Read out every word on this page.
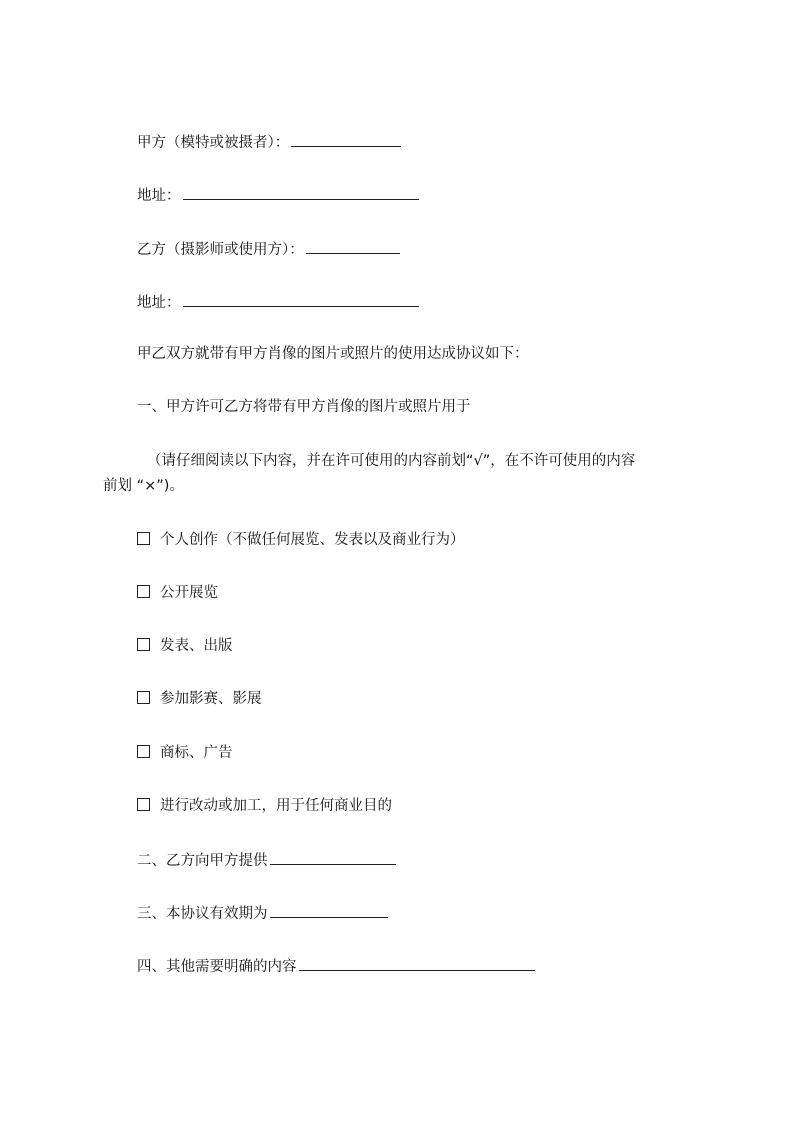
甲方（模特或被摄者）：
地址：
乙方（摄影师或使用方）：
地址：
甲乙双方就带有甲方肖像的图片或照片的使用达成协议如下：
一、甲方许可乙方将带有甲方肖像的图片或照片用于
（请仔细阅读以下内容，并在许可使用的内容前划“√”，在不许可使用的内容
前划 “×”)。
个人创作（不做任何展览、发表以及商业行为）
公开展览
发表、出版
参加影赛、影展
商标、广告
进行改动或加工，用于任何商业目的
二、乙方向甲方提供
三、本协议有效期为
四、其他需要明确的内容
